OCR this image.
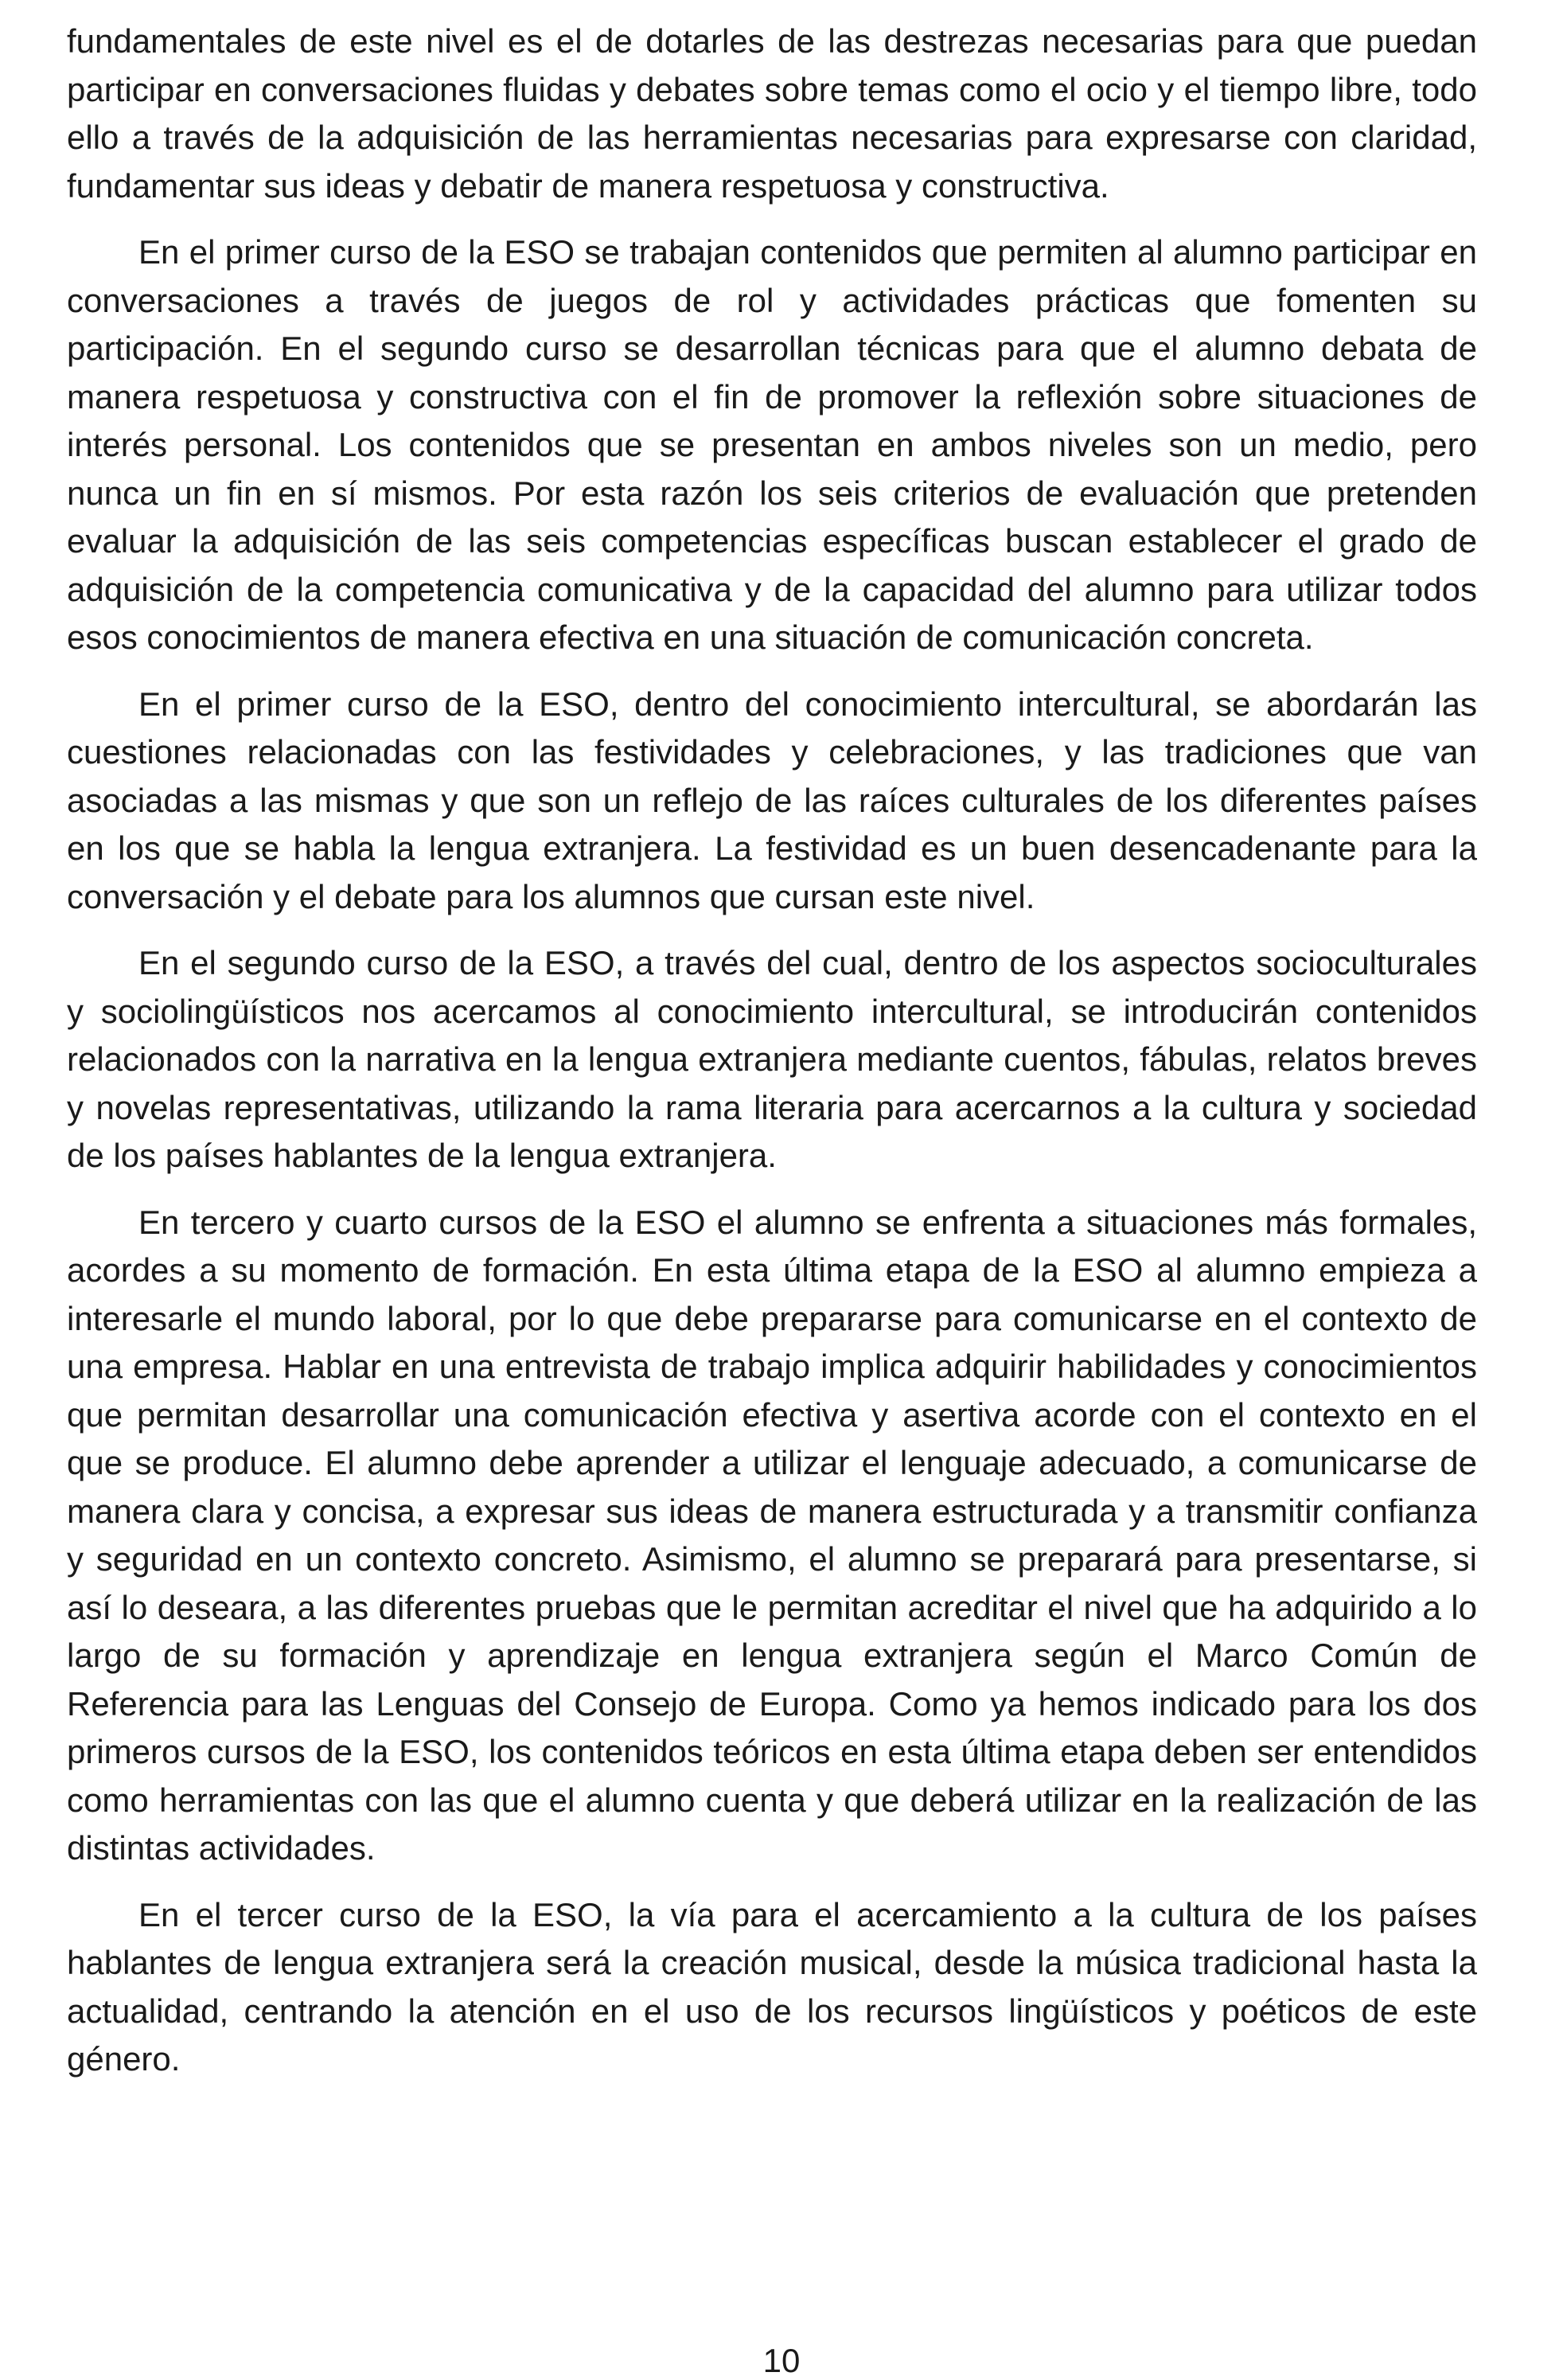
fundamentales de este nivel es el de dotarles de las destrezas necesarias para que puedan participar en conversaciones fluidas y debates sobre temas como el ocio y el tiempo libre, todo ello a través de la adquisición de las herramientas necesarias para expresarse con claridad, fundamentar sus ideas y debatir de manera respetuosa y constructiva.

En el primer curso de la ESO se trabajan contenidos que permiten al alumno participar en conversaciones a través de juegos de rol y actividades prácticas que fomenten su participación. En el segundo curso se desarrollan técnicas para que el alumno debata de manera respetuosa y constructiva con el fin de promover la reflexión sobre situaciones de interés personal. Los contenidos que se presentan en ambos niveles son un medio, pero nunca un fin en sí mismos. Por esta razón los seis criterios de evaluación que pretenden evaluar la adquisición de las seis competencias específicas buscan establecer el grado de adquisición de la competencia comunicativa y de la capacidad del alumno para utilizar todos esos conocimientos de manera efectiva en una situación de comunicación concreta.

En el primer curso de la ESO, dentro del conocimiento intercultural, se abordarán las cuestiones relacionadas con las festividades y celebraciones, y las tradiciones que van asociadas a las mismas y que son un reflejo de las raíces culturales de los diferentes países en los que se habla la lengua extranjera. La festividad es un buen desencadenante para la conversación y el debate para los alumnos que cursan este nivel.

En el segundo curso de la ESO, a través del cual, dentro de los aspectos socioculturales y sociolingüísticos nos acercamos al conocimiento intercultural, se introducirán contenidos relacionados con la narrativa en la lengua extranjera mediante cuentos, fábulas, relatos breves y novelas representativas, utilizando la rama literaria para acercarnos a la cultura y sociedad de los países hablantes de la lengua extranjera.

En tercero y cuarto cursos de la ESO el alumno se enfrenta a situaciones más formales, acordes a su momento de formación. En esta última etapa de la ESO al alumno empieza a interesarle el mundo laboral, por lo que debe prepararse para comunicarse en el contexto de una empresa. Hablar en una entrevista de trabajo implica adquirir habilidades y conocimientos que permitan desarrollar una comunicación efectiva y asertiva acorde con el contexto en el que se produce. El alumno debe aprender a utilizar el lenguaje adecuado, a comunicarse de manera clara y concisa, a expresar sus ideas de manera estructurada y a transmitir confianza y seguridad en un contexto concreto. Asimismo, el alumno se preparará para presentarse, si así lo deseara, a las diferentes pruebas que le permitan acreditar el nivel que ha adquirido a lo largo de su formación y aprendizaje en lengua extranjera según el Marco Común de Referencia para las Lenguas del Consejo de Europa. Como ya hemos indicado para los dos primeros cursos de la ESO, los contenidos teóricos en esta última etapa deben ser entendidos como herramientas con las que el alumno cuenta y que deberá utilizar en la realización de las distintas actividades.

En el tercer curso de la ESO, la vía para el acercamiento a la cultura de los países hablantes de lengua extranjera será la creación musical, desde la música tradicional hasta la actualidad, centrando la atención en el uso de los recursos lingüísticos y poéticos de este género.

10
